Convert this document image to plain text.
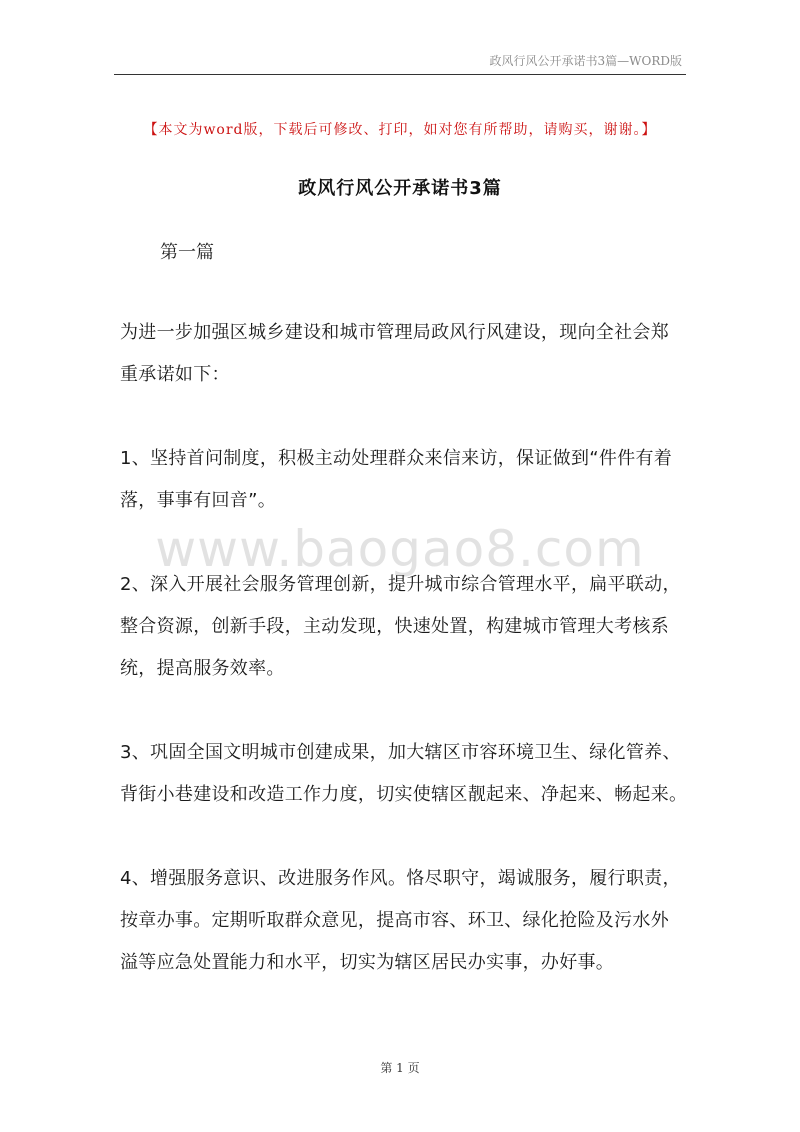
政风行风公开承诺书3篇—WORD版
【本文为word版，下载后可修改、打印，如对您有所帮助，请购买，谢谢。】
政风行风公开承诺书3篇
第一篇
www.baogao8.com

为进一步加强区城乡建设和城市管理局政风行风建设，现向全社会郑
重承诺如下：

1、坚持首问制度，积极主动处理群众来信来访，保证做到“件件有着
落，事事有回音”。

2、深入开展社会服务管理创新，提升城市综合管理水平，扁平联动，
整合资源，创新手段，主动发现，快速处置，构建城市管理大考核系
统，提高服务效率。

3、巩固全国文明城市创建成果，加大辖区市容环境卫生、绿化管养、
背街小巷建设和改造工作力度，切实使辖区靓起来、净起来、畅起来。

4、增强服务意识、改进服务作风。恪尽职守，竭诚服务，履行职责，
按章办事。定期听取群众意见，提高市容、环卫、绿化抢险及污水外
溢等应急处置能力和水平，切实为辖区居民办实事，办好事。

第 1 页
